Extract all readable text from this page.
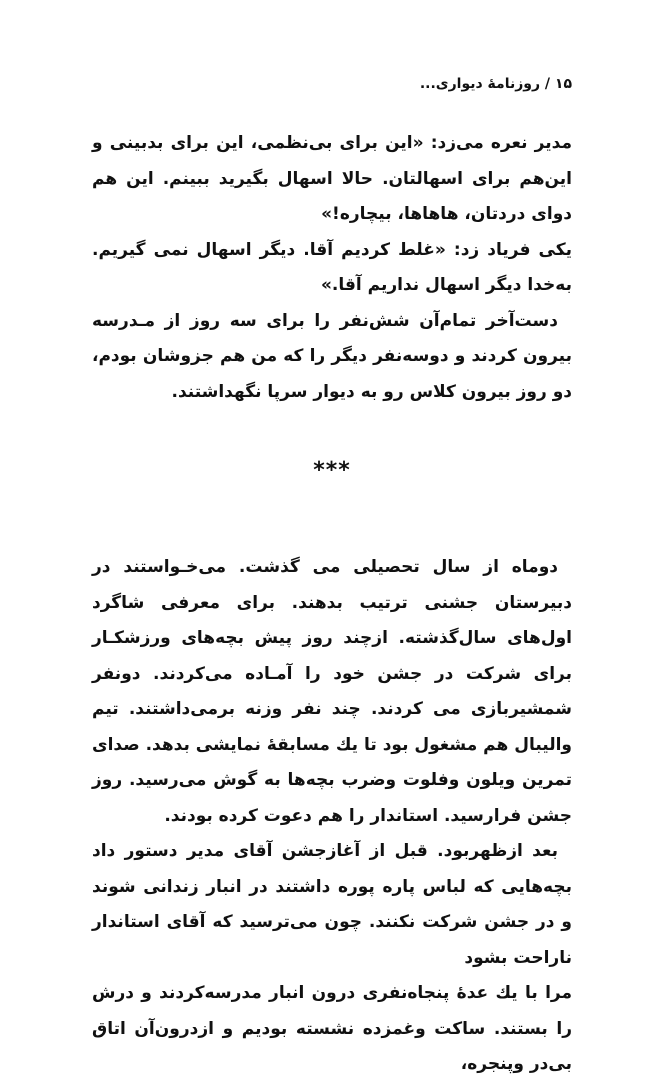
۱۵ / روزنامهٔ دیواری...

مدیر نعره می‌زد: «این برای بی‌نظمی، این برای بدبینی و این‌هم برای اسهالتان. حالا اسهال بگیرید ببینم. این هم دوای دردتان، هاهاها، بیچاره!»

یکی فریاد زد: «غلط کردیم آقا. دیگر اسهال نمی گیریم. به‌خدا دیگر اسهال نداریم آقا.»

دست‌آخر تمام‌آن شش‌نفر را برای سه روز از مـدرسه بیرون کردند و دوسه‌نفر دیگر را که من هم جزوشان بودم، دو روز بیرون کلاس رو به دیوار سرپا نگهداشتند.

***

دوماه از سال تحصیلی می گذشت. می‌خـواستند در دبیرستان جشنی ترتیب بدهند. برای معرفی شاگرد اول‌های سال‌گذشته. ازچند روز پیش بچه‌های ورزشکـار برای شرکت در جشن خود را آمـاده می‌کردند. دونفر شمشیربازی می کردند. چند نفر وزنه برمی‌داشتند. تیم والیبال هم مشغول بود تا یك مسابقهٔ نمایشی بدهد. صدای تمرین ویلون وفلوت وضرب بچه‌ها به گوش می‌رسید. روز جشن فرارسید. استاندار را هم دعوت کرده بودند.

بعد ازظهربود. قبل از آغازجشن آقای مدیر دستور داد بچه‌هایی که لباس پاره پوره داشتند در انبار زندانی شوند و در جشن شرکت نکنند. چون می‌ترسید که آقای استاندار ناراحت بشود

مرا با یك عدهٔ پنجاه‌نفری درون انبار مدرسه‌کردند و درش را بستند. ساکت وغمزده نشسته بودیم و ازدرون‌آن اتاق بی‌در وپنجره،
